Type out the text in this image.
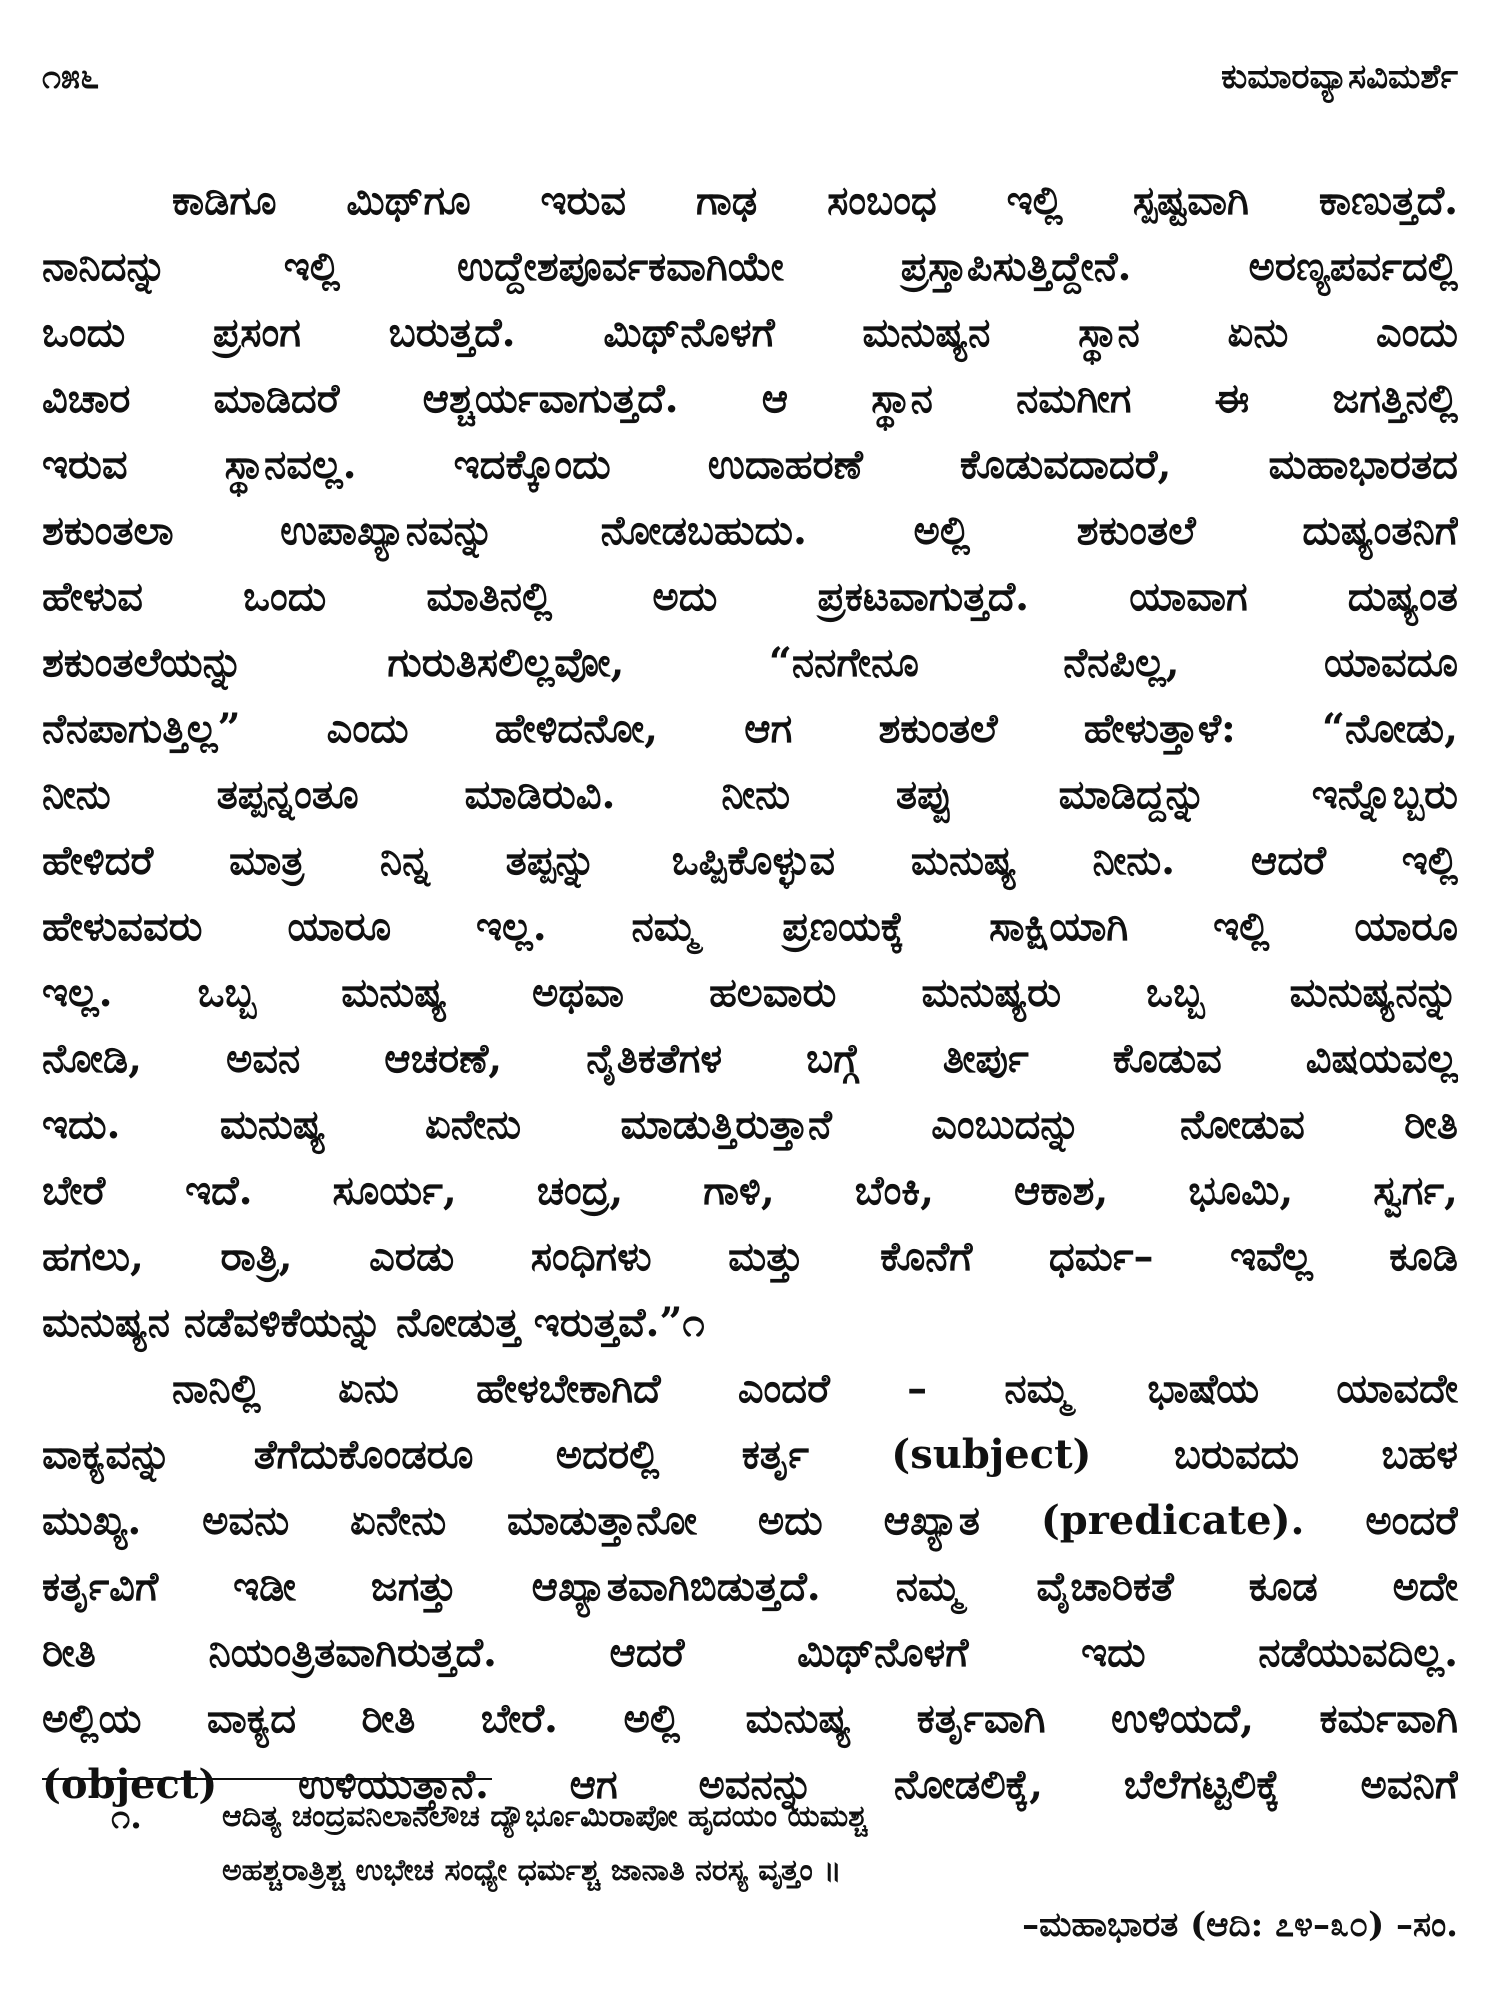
೧೫೬	ಕುಮಾರವ್ಯಾಸವಿಮರ್ಶೆ
ಕಾಡಿಗೂ ಮಿಥ್‌ಗೂ ಇರುವ ಗಾಢ ಸಂಬಂಧ ಇಲ್ಲಿ ಸ್ಪಷ್ಟವಾಗಿ ಕಾಣುತ್ತದೆ.
ನಾನಿದನ್ನು ಇಲ್ಲಿ ಉದ್ದೇಶಪೂರ್ವಕವಾಗಿಯೇ ಪ್ರಸ್ತಾಪಿಸುತ್ತಿದ್ದೇನೆ. ಅರಣ್ಯಪರ್ವದಲ್ಲಿ
ಒಂದು ಪ್ರಸಂಗ ಬರುತ್ತದೆ. ಮಿಥ್‌ನೊಳಗೆ ಮನುಷ್ಯನ ಸ್ಥಾನ ಏನು ಎಂದು
ವಿಚಾರ ಮಾಡಿದರೆ ಆಶ್ಚರ್ಯವಾಗುತ್ತದೆ. ಆ ಸ್ಥಾನ ನಮಗೀಗ ಈ ಜಗತ್ತಿನಲ್ಲಿ
ಇರುವ ಸ್ಥಾನವಲ್ಲ. ಇದಕ್ಕೊಂದು ಉದಾಹರಣೆ ಕೊಡುವದಾದರೆ, ಮಹಾಭಾರತದ
ಶಕುಂತಲಾ ಉಪಾಖ್ಯಾನವನ್ನು ನೋಡಬಹುದು. ಅಲ್ಲಿ ಶಕುಂತಲೆ ದುಷ್ಯಂತನಿಗೆ
ಹೇಳುವ ಒಂದು ಮಾತಿನಲ್ಲಿ ಅದು ಪ್ರಕಟವಾಗುತ್ತದೆ. ಯಾವಾಗ ದುಷ್ಯಂತ
ಶಕುಂತಲೆಯನ್ನು ಗುರುತಿಸಲಿಲ್ಲವೋ, “ನನಗೇನೂ ನೆನಪಿಲ್ಲ, ಯಾವದೂ
ನೆನಪಾಗುತ್ತಿಲ್ಲ” ಎಂದು ಹೇಳಿದನೋ, ಆಗ ಶಕುಂತಲೆ ಹೇಳುತ್ತಾಳೆ: “ನೋಡು,
ನೀನು ತಪ್ಪನ್ನಂತೂ ಮಾಡಿರುವಿ. ನೀನು ತಪ್ಪು ಮಾಡಿದ್ದನ್ನು ಇನ್ನೊಬ್ಬರು
ಹೇಳಿದರೆ ಮಾತ್ರ ನಿನ್ನ ತಪ್ಪನ್ನು ಒಪ್ಪಿಕೊಳ್ಳುವ ಮನುಷ್ಯ ನೀನು. ಆದರೆ ಇಲ್ಲಿ
ಹೇಳುವವರು ಯಾರೂ ಇಲ್ಲ. ನಮ್ಮ ಪ್ರಣಯಕ್ಕೆ ಸಾಕ್ಷಿಯಾಗಿ ಇಲ್ಲಿ ಯಾರೂ
ಇಲ್ಲ. ಒಬ್ಬ ಮನುಷ್ಯ ಅಥವಾ ಹಲವಾರು ಮನುಷ್ಯರು ಒಬ್ಬ ಮನುಷ್ಯನನ್ನು
ನೋಡಿ, ಅವನ ಆಚರಣೆ, ನೈತಿಕತೆಗಳ ಬಗ್ಗೆ ತೀರ್ಪು ಕೊಡುವ ವಿಷಯವಲ್ಲ
ಇದು. ಮನುಷ್ಯ ಏನೇನು ಮಾಡುತ್ತಿರುತ್ತಾನೆ ಎಂಬುದನ್ನು ನೋಡುವ ರೀತಿ
ಬೇರೆ ಇದೆ. ಸೂರ್ಯ, ಚಂದ್ರ, ಗಾಳಿ, ಬೆಂಕಿ, ಆಕಾಶ, ಭೂಮಿ, ಸ್ವರ್ಗ,
ಹಗಲು, ರಾತ್ರಿ, ಎರಡು ಸಂಧಿಗಳು ಮತ್ತು ಕೊನೆಗೆ ಧರ್ಮ– ಇವೆಲ್ಲ ಕೂಡಿ
ಮನುಷ್ಯನ ನಡೆವಳಿಕೆಯನ್ನು ನೋಡುತ್ತ ಇರುತ್ತವೆ.”೧
ನಾನಿಲ್ಲಿ ಏನು ಹೇಳಬೇಕಾಗಿದೆ ಎಂದರೆ – ನಮ್ಮ ಭಾಷೆಯ ಯಾವದೇ
ವಾಕ್ಯವನ್ನು ತೆಗೆದುಕೊಂಡರೂ ಅದರಲ್ಲಿ ಕರ್ತೃ (subject) ಬರುವದು ಬಹಳ
ಮುಖ್ಯ. ಅವನು ಏನೇನು ಮಾಡುತ್ತಾನೋ ಅದು ಆಖ್ಯಾತ (predicate). ಅಂದರೆ
ಕರ್ತೃವಿಗೆ ಇಡೀ ಜಗತ್ತು ಆಖ್ಯಾತವಾಗಿಬಿಡುತ್ತದೆ. ನಮ್ಮ ವೈಚಾರಿಕತೆ ಕೂಡ ಅದೇ
ರೀತಿ ನಿಯಂತ್ರಿತವಾಗಿರುತ್ತದೆ. ಆದರೆ ಮಿಥ್‌ನೊಳಗೆ ಇದು ನಡೆಯುವದಿಲ್ಲ.
ಅಲ್ಲಿಯ ವಾಕ್ಯದ ರೀತಿ ಬೇರೆ. ಅಲ್ಲಿ ಮನುಷ್ಯ ಕರ್ತೃವಾಗಿ ಉಳಿಯದೆ, ಕರ್ಮವಾಗಿ
(object) ಉಳಿಯುತ್ತಾನೆ. ಆಗ ಅವನನ್ನು ನೋಡಲಿಕ್ಕೆ, ಬೆಲೆಗಟ್ಟಲಿಕ್ಕೆ ಅವನಿಗೆ
೧.	ಆದಿತ್ಯ ಚಂದ್ರವನಿಲಾನಲೌಚ ದ್ಯೌರ್ಭೂಮಿರಾಪೋ ಹೃದಯಂ ಯಮಶ್ಚ
ಅಹಶ್ಚರಾತ್ರಿಶ್ಚ ಉಭೇಚ ಸಂಧ್ಯೇ ಧರ್ಮಶ್ಚ ಜಾನಾತಿ ನರಸ್ಯ ವೃತ್ತಂ ॥
–ಮಹಾಭಾರತ (ಆದಿ: ೭೪–೩೦) –ಸಂ.
